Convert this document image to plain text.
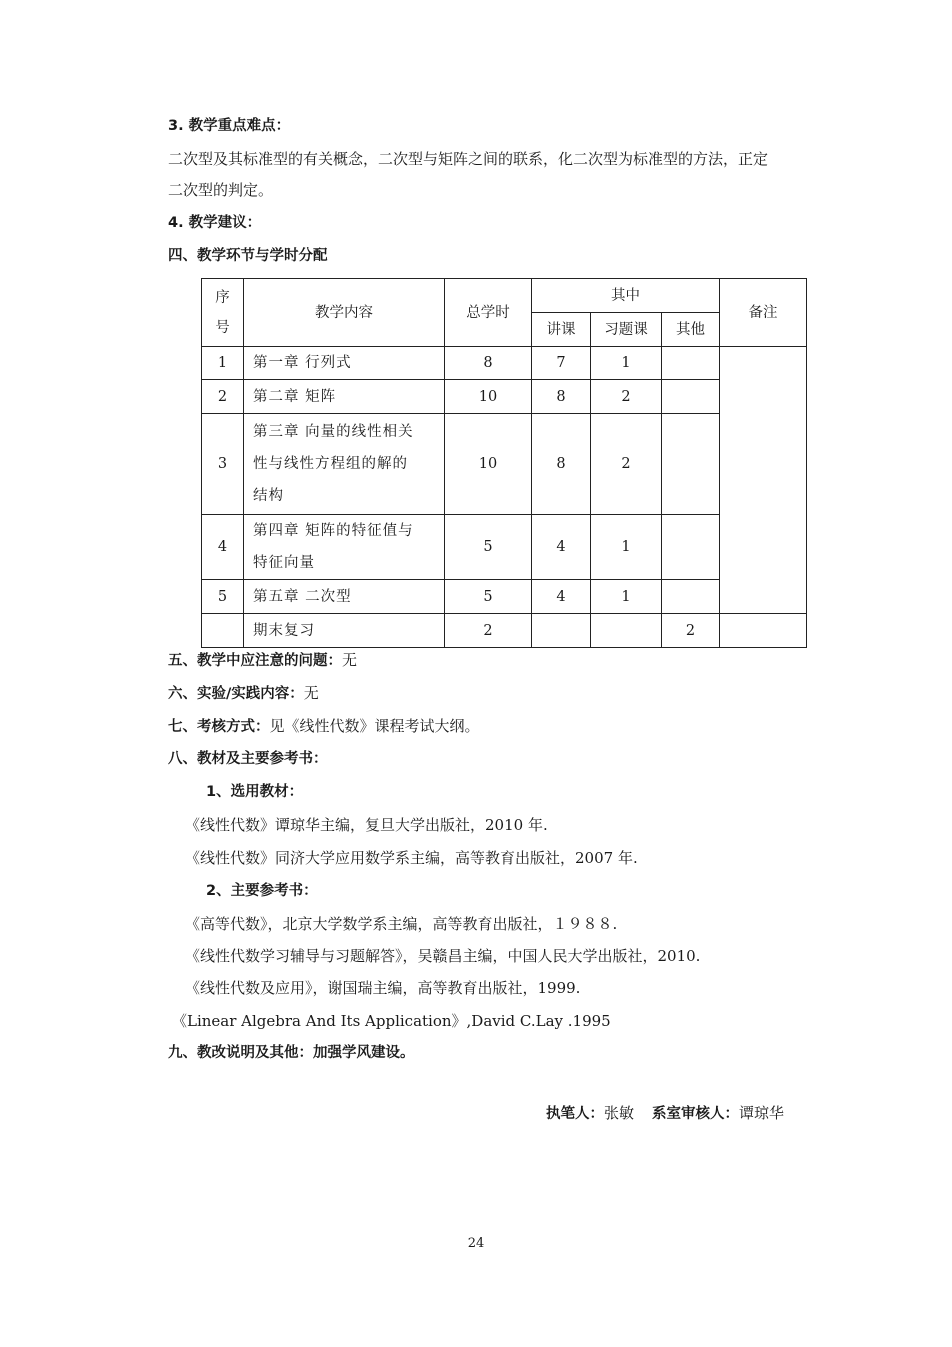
3. 教学重点难点：
二次型及其标准型的有关概念，二次型与矩阵之间的联系，化二次型为标准型的方法，正定
二次型的判定。
4. 教学建议：
四、教学环节与学时分配
序
号	教学内容	总学时	其中			备注
			讲课	习题课	其他	
1	第一章 行列式	8	7	1		
2	第二章 矩阵	10	8	2		
3	第三章 向量的线性相关
性与线性方程组的解的
结构	10	8	2		
4	第四章 矩阵的特征值与
特征向量	5	4	1		
5	第五章 二次型	5	4	1		

	期末复习	2			2	
五、教学中应注意的问题：无
六、实验/实践内容：无
七、考核方式：见《线性代数》课程考试大纲。
八、教材及主要参考书：
1、选用教材：
《线性代数》谭琼华主编，复旦大学出版社，2010 年.
《线性代数》同济大学应用数学系主编，高等教育出版社，2007 年.
2、主要参考书：
《高等代数》，北京大学数学系主编，高等教育出版社，１９８８.
《线性代数学习辅导与习题解答》，吴赣昌主编，中国人民大学出版社，2010.
《线性代数及应用》，谢国瑞主编，高等教育出版社，1999.
《Linear Algebra And Its Application》,David C.Lay .1995
九、教改说明及其他：加强学风建设。
执笔人：张敏 系室审核人：谭琼华
24
